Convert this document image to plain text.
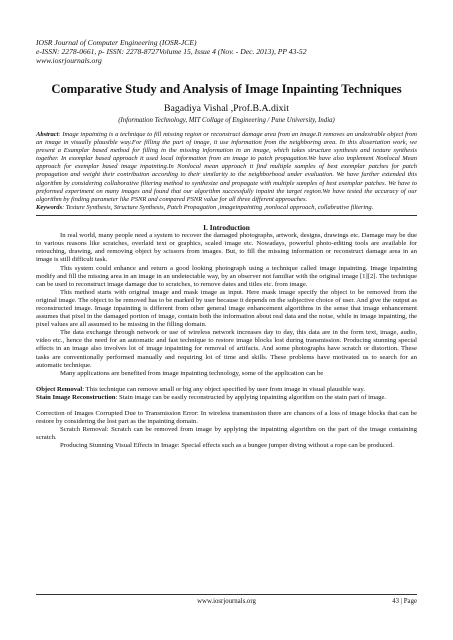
IOSR Journal of Computer Engineering (IOSR-JCE)
e-ISSN: 2278-0661, p- ISSN: 2278-8727Volume 15, Issue 4 (Nov. - Dec. 2013), PP 43-52
www.iosrjournals.org
Comparative Study and Analysis of Image Inpainting Techniques
Bagadiya Vishal ,Prof.B.A.dixit
(Information Technology, MIT Collage of Engineering / Pune University, India)
Abstract: Image inpainting is a technique to fill missing region or reconstruct damage area from an image.It removes an undesirable object from an image in visually plausible way.For filling the part of image, it use information from the neighboring area. In this dissertation work, we present a Examplar based method for filling in the missing information in an image, which takes structure synthesis and texture synthesis together. In exemplar based approach it used local information from an image to patch propagation.We have also implement Nonlocal Mean approach for exemplar based image inpainting.In Nonlocal mean approach it find multiple samples of best exemplar patches for patch propagation and weight their contribution according to their similarity to the neighborhood under evaluation. We have further extended this algorithm by considering collaborative filtering method to synthesize and propagate with multiple samples of best exemplar patches. We have to preformed experiment on many images and found that our algorithm successfully inpaint the target region.We have tested the accuracy of our algorithm by finding parameter like PSNR and compared PSNR value for all three different approaches.
Keywords: Texture Synthesis, Structure Synthesis, Patch Propagation ,imageinpainting ,nonlocal approach, collabrative filtering.
I. Introduction

In real world, many people need a system to recover the damaged photographs, artwork, designs, drawings etc. Damage may be due to various reasons like scratches, overlaid text or graphics, scaled image etc. Nowadays, powerful photo-editing tools are available for retouching, drawing, and removing object by scissors from images. But, to fill the missing information or reconstruct damage area in an image is still difficult task.

This system could enhance and return a good looking photograph using a technique called image inpainting. Image inpainting modify and fill the missing area in an image in an undetectable way, by an observer not familiar with the original image [1][2]. The technique can be used to reconstruct image damage due to scratches, to remove dates and titles etc. from image.

This method starts with original image and mask image as input. Here mask image specify the object to be removed from the original image. The object to be removed has to be marked by user because it depends on the subjective choice of user. And give the output as reconstructed image. Image inpainting is different from other general image enhancement algorithms in the sense that image enhancement assumes that pixel in the damaged portion of image, contain both the information about real data and the noise, while in image inpainting, the pixel values are all assumed to be missing in the filling domain.

The data exchange through network or use of wireless network increases day to day, this data are in the form text, image, audio, video etc., hence the need for an automatic and fast technique to restore image blocks lost during transmission. Producing stunning special effects in an image also involves lot of image inpainting for removal of artifacts. And some photographs have scratch or distortion. These tasks are conventionally performed manually and requiring lot of time and skills. These problems have motivated us to search for an automatic technique.

Many applications are benefited from image inpainting technology, some of the application can be

Object Removal: This technique can remove small or big any object specified by user from image in visual plausible way.

Stain Image Reconstruction: Stain image can be easily reconstructed by applying inpainting algorithm on the stain part of image.

Correction of Images Corrupted Due to Transmission Error: In wireless transmission there are chances of a loss of image blocks that can be restore by considering the lost part as the inpainting domain.

Scratch Removal: Scratch can be removed from image by applying the inpainting algorithm on the part of the image containing scratch.

Producing Stunning Visual Effects in Image: Special effects such as a bungee jumper diving without a rope can be produced.

www.iosrjournals.org	43 | Page
